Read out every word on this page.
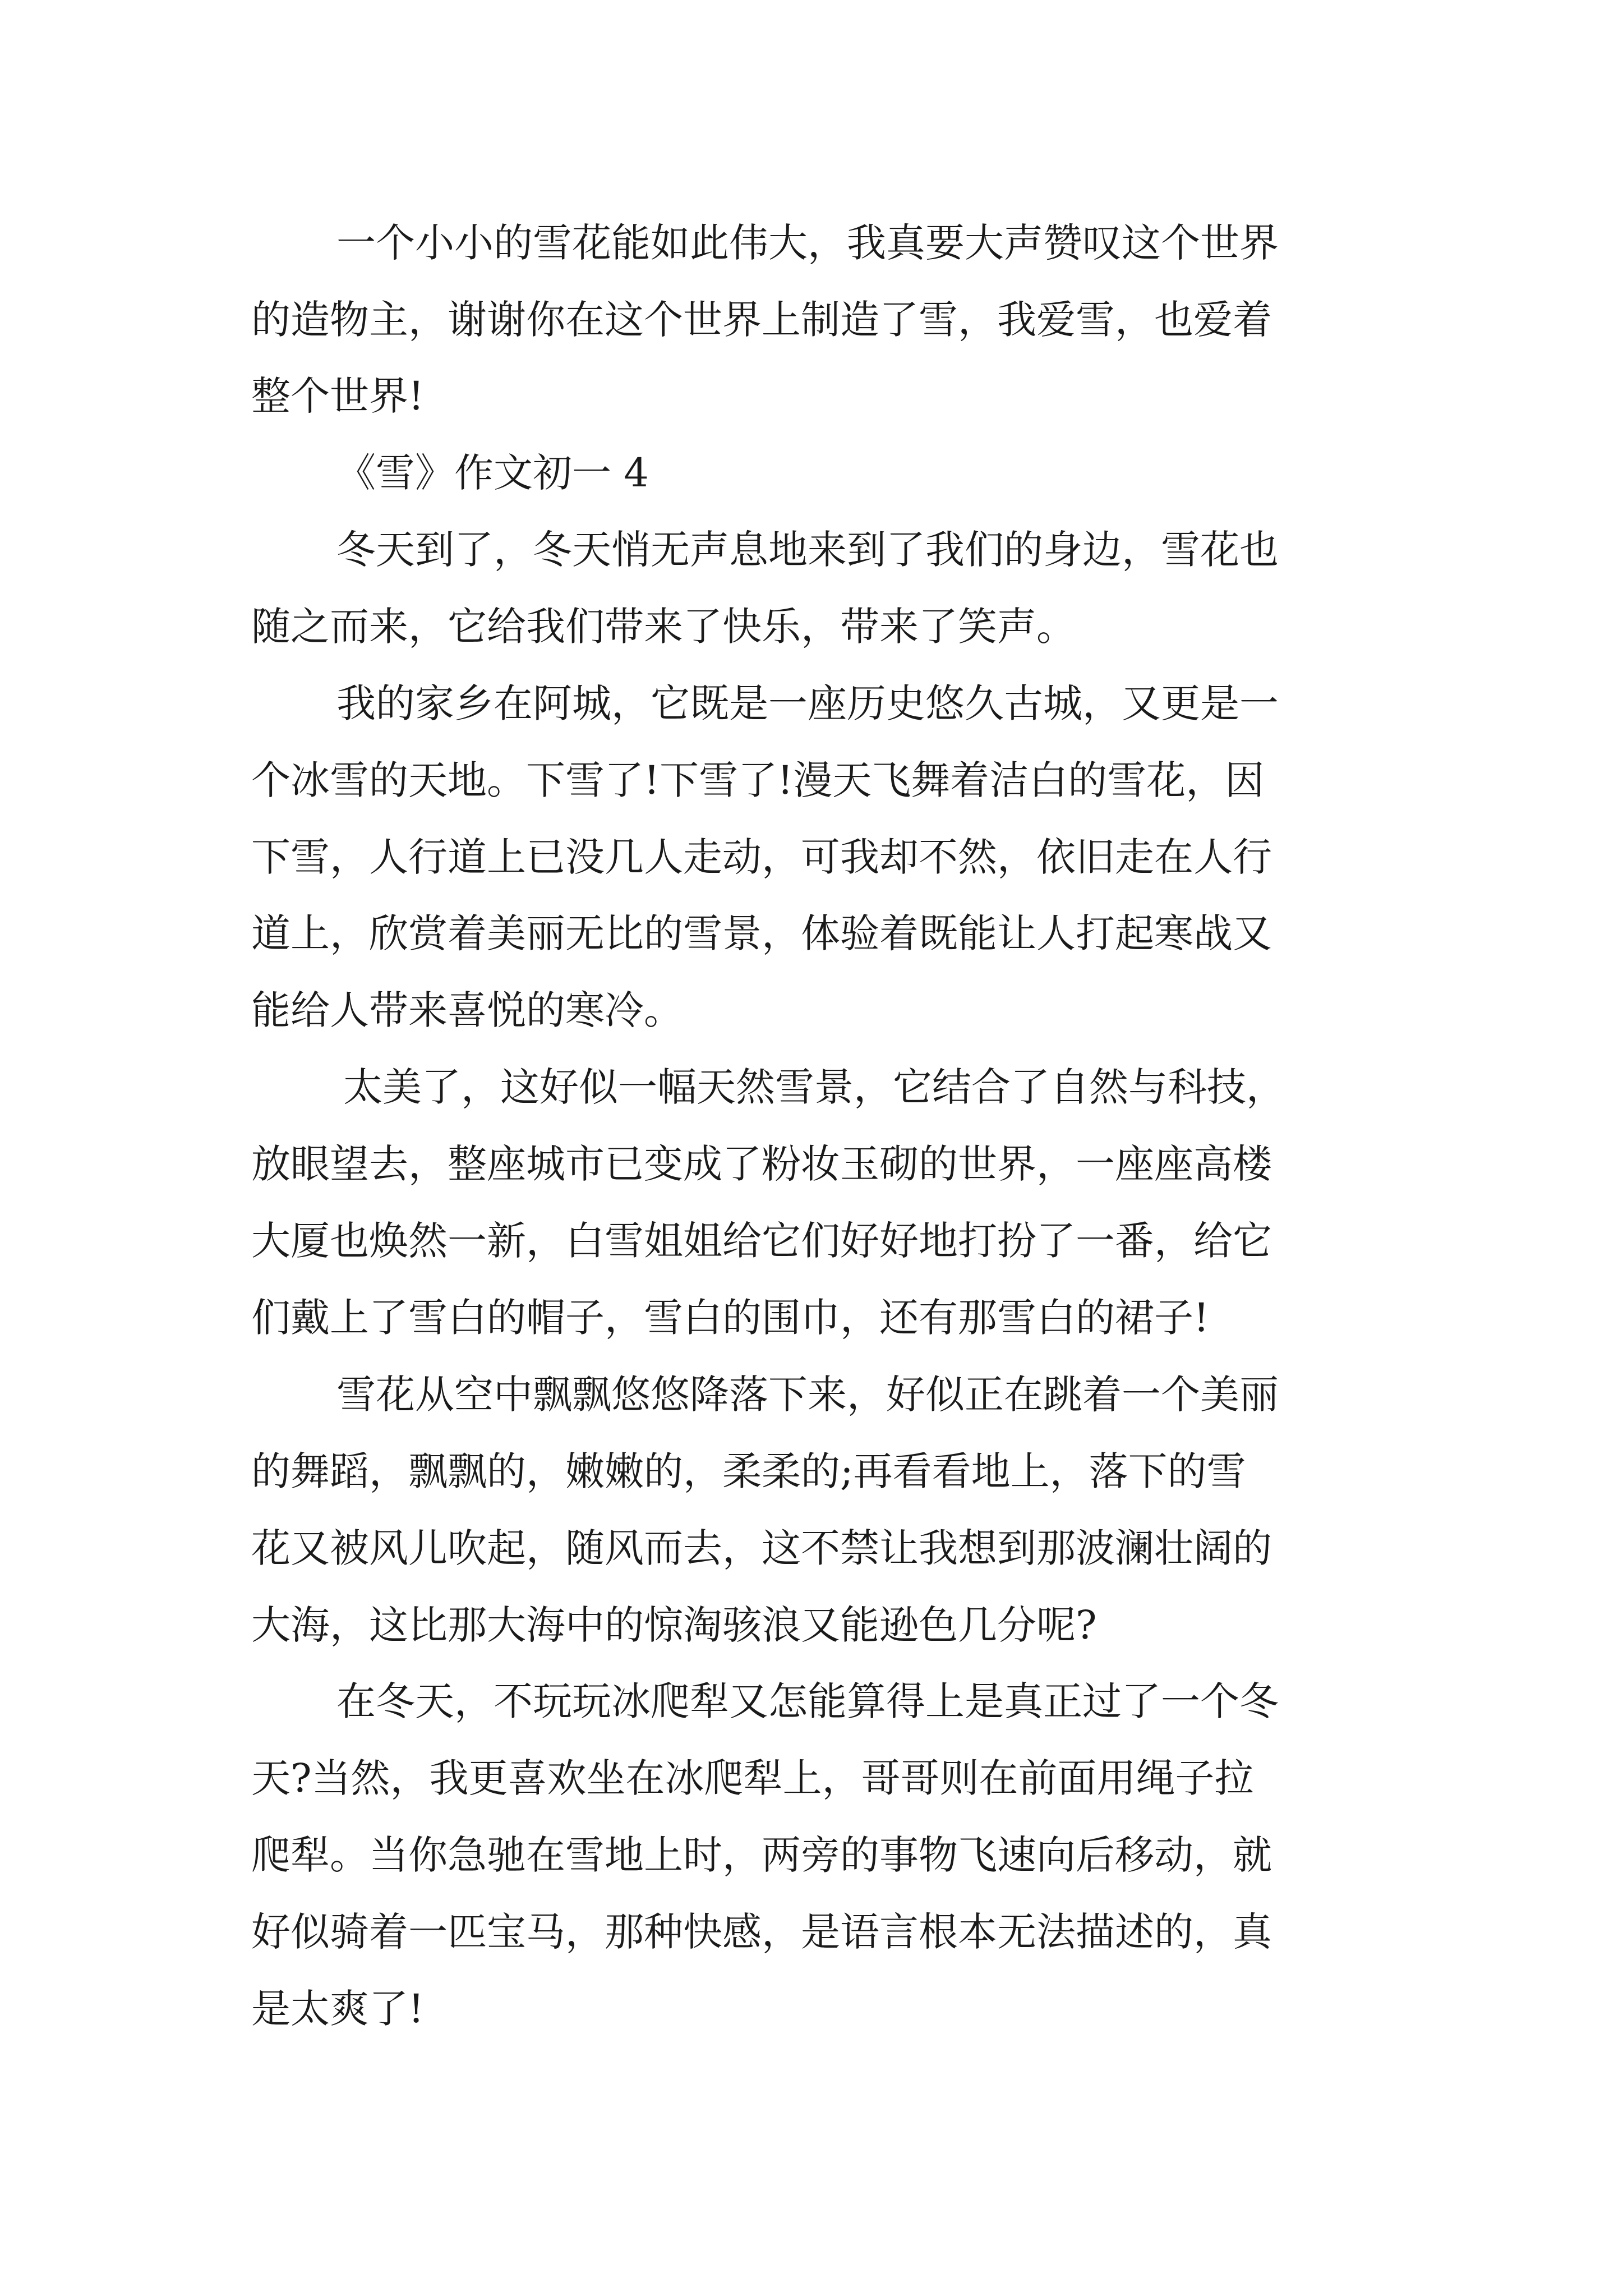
一个小小的雪花能如此伟大，我真要大声赞叹这个世界

的造物主，谢谢你在这个世界上制造了雪，我爱雪，也爱着

整个世界!

《雪》作文初一 4

冬天到了，冬天悄无声息地来到了我们的身边，雪花也

随之而来，它给我们带来了快乐，带来了笑声。

我的家乡在阿城，它既是一座历史悠久古城，又更是一

个冰雪的天地。下雪了!下雪了!漫天飞舞着洁白的雪花，因

下雪，人行道上已没几人走动，可我却不然，依旧走在人行

道上，欣赏着美丽无比的雪景，体验着既能让人打起寒战又

能给人带来喜悦的寒冷。

太美了，这好似一幅天然雪景，它结合了自然与科技，

放眼望去，整座城市已变成了粉妆玉砌的世界，一座座高楼

大厦也焕然一新，白雪姐姐给它们好好地打扮了一番，给它

们戴上了雪白的帽子，雪白的围巾，还有那雪白的裙子!

雪花从空中飘飘悠悠降落下来，好似正在跳着一个美丽

的舞蹈，飘飘的，嫩嫩的，柔柔的;再看看地上，落下的雪

花又被风儿吹起，随风而去，这不禁让我想到那波澜壮阔的

大海，这比那大海中的惊淘骇浪又能逊色几分呢?

在冬天，不玩玩冰爬犁又怎能算得上是真正过了一个冬

天?当然，我更喜欢坐在冰爬犁上，哥哥则在前面用绳子拉

爬犁。当你急驰在雪地上时，两旁的事物飞速向后移动，就

好似骑着一匹宝马，那种快感，是语言根本无法描述的，真

是太爽了!
